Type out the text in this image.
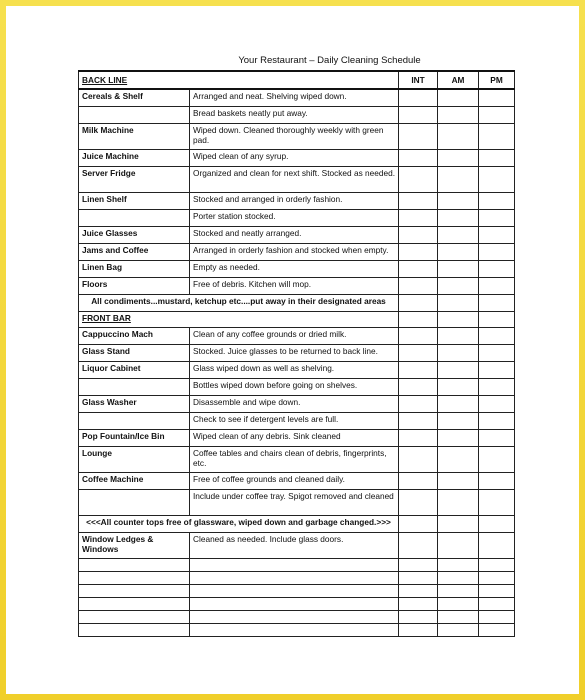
Your Restaurant – Daily Cleaning Schedule
BACK LINE		INT	AM	PM
Cereals & Shelf	Arranged and neat. Shelving wiped down.			
	Bread baskets neatly put away.			
Milk Machine	Wiped down. Cleaned thoroughly weekly with green pad.			
Juice Machine	Wiped clean of any syrup.			
Server Fridge	Organized and clean for next shift. Stocked as needed.			
Linen Shelf	Stocked and arranged in orderly fashion.			
	Porter station stocked.			
Juice Glasses	Stocked and neatly arranged.			
Jams and Coffee	Arranged in orderly fashion and stocked when empty.			
Linen Bag	Empty as needed.			
Floors	Free of debris. Kitchen will mop.			
All condiments...mustard, ketchup etc....put away in their designated areas				
FRONT BAR				
Cappuccino Mach	Clean of any coffee grounds or dried milk.			
Glass Stand	Stocked. Juice glasses to be returned to back line.			
Liquor Cabinet	Glass wiped down as well as shelving.			
	Bottles wiped down before going on shelves.			
Glass Washer	Disassemble and wipe down.			
	Check to see if detergent levels are full.			
Pop Fountain/Ice Bin	Wiped clean of any debris. Sink cleaned			
Lounge	Coffee tables and chairs clean of debris, fingerprints, etc.			
Coffee Machine	Free of coffee grounds and cleaned daily.			
	Include under coffee tray. Spigot removed and cleaned			
<<<All counter tops free of glassware, wiped down and garbage changed.>>>				
Window Ledges & Windows	Cleaned as needed. Include glass doors.			
